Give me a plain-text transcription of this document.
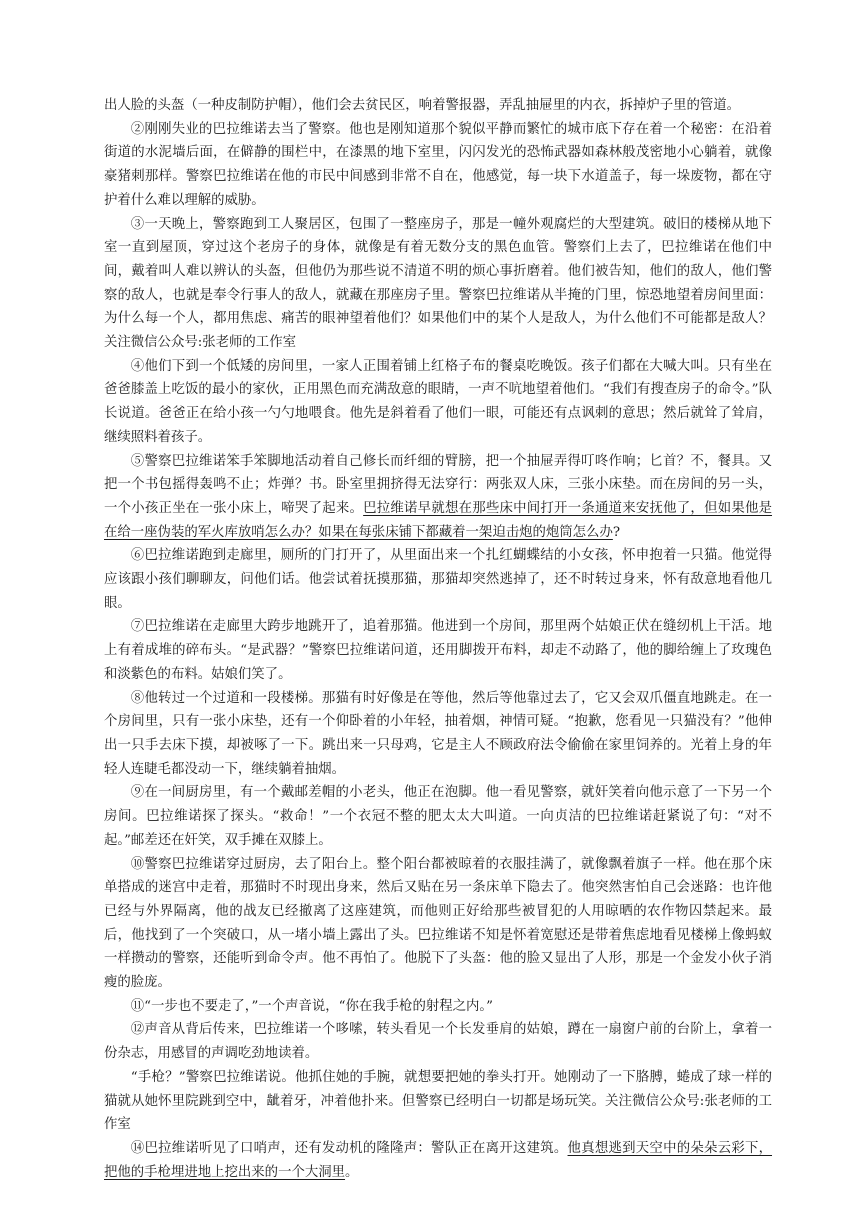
出人脸的头盔（一种皮制防护帽），他们会去贫民区，响着警报器，弄乱抽屉里的内衣，拆掉炉子里的管道。

②刚刚失业的巴拉维诺去当了警察。他也是刚知道那个貌似平静而繁忙的城市底下存在着一个秘密：在沿着街道的水泥墙后面，在僻静的围栏中，在漆黑的地下室里，闪闪发光的恐怖武器如森林般茂密地小心躺着，就像豪猪刺那样。警察巴拉维诺在他的市民中间感到非常不自在，他感觉，每一块下水道盖子，每一垛废物，都在守护着什么难以理解的威胁。

③一天晚上，警察跑到工人聚居区，包围了一整座房子，那是一幢外观腐烂的大型建筑。破旧的楼梯从地下室一直到屋顶，穿过这个老房子的身体，就像是有着无数分支的黑色血管。警察们上去了，巴拉维诺在他们中间，戴着叫人难以辨认的头盔，但他仍为那些说不清道不明的烦心事折磨着。他们被告知，他们的敌人，他们警察的敌人，也就是奉令行事人的敌人，就藏在那座房子里。警察巴拉维诺从半掩的门里，惊恐地望着房间里面：为什么每一个人，都用焦虑、痛苦的眼神望着他们？如果他们中的某个人是敌人，为什么他们不可能都是敌人？关注微信公众号:张老师的工作室

④他们下到一个低矮的房间里，一家人正围着铺上红格子布的餐桌吃晚饭。孩子们都在大喊大叫。只有坐在爸爸膝盖上吃饭的最小的家伙，正用黑色而充满敌意的眼睛，一声不吭地望着他们。“我们有搜查房子的命令。”队长说道。爸爸正在给小孩一勺勺地喂食。他先是斜着看了他们一眼，可能还有点讽刺的意思；然后就耸了耸肩，继续照料着孩子。

⑤警察巴拉维诺笨手笨脚地活动着自己修长而纤细的臂膀，把一个抽屉弄得叮咚作响；匕首？不，餐具。又把一个书包摇得轰鸣不止；炸弹？书。卧室里拥挤得无法穿行：两张双人床，三张小床垫。而在房间的另一头，一个小孩正坐在一张小床上，啼哭了起来。巴拉维诺早就想在那些床中间打开一条通道来安抚他了，但如果他是在给一座伪装的军火库放哨怎么办？如果在每张床铺下都藏着一架迫击炮的炮筒怎么办?

⑥巴拉维诺跑到走廊里，厕所的门打开了，从里面出来一个扎红蝴蝶结的小女孩，怀申抱着一只猫。他觉得应该跟小孩们聊聊友，问他们话。他尝试着抚摸那猫，那猫却突然逃掉了，还不时转过身来，怀有敌意地看他几眼。

⑦巴拉维诺在走廊里大跨步地跳开了，追着那猫。他进到一个房间，那里两个姑娘正伏在缝纫机上干活。地上有着成堆的碎布头。“是武器？”警察巴拉维诺问道，还用脚拨开布料，却走不动路了，他的脚给缠上了玫瑰色和淡紫色的布料。姑娘们笑了。

⑧他转过一个过道和一段楼梯。那猫有时好像是在等他，然后等他靠过去了，它又会双爪僵直地跳走。在一个房间里，只有一张小床垫，还有一个仰卧着的小年轻，抽着烟，神情可疑。“抱歉，您看见一只猫没有？”他伸出一只手去床下摸，却被啄了一下。跳出来一只母鸡，它是主人不顾政府法令偷偷在家里饲养的。光着上身的年轻人连睫毛都没动一下，继续躺着抽烟。

⑨在一间厨房里，有一个戴邮差帽的小老头，他正在泡脚。他一看见警察，就奸笑着向他示意了一下另一个房间。巴拉维诺探了探头。“救命！”一个衣冠不整的肥太太大叫道。一向贞洁的巴拉维诺赶紧说了句：“对不起。”邮差还在奸笑，双手摊在双膝上。

⑩警察巴拉维诺穿过厨房，去了阳台上。整个阳台都被晾着的衣服挂满了，就像飘着旗子一样。他在那个床单搭成的迷宫中走着，那猫时不时现出身来，然后又贴在另一条床单下隐去了。他突然害怕自己会迷路：也许他已经与外界隔离，他的战友已经撤离了这座建筑，而他则正好给那些被冒犯的人用晾晒的农作物囚禁起来。最后，他找到了一个突破口，从一堵小墙上露出了头。巴拉维诺不知是怀着宽慰还是带着焦虑地看见楼梯上像蚂蚁一样攒动的警察，还能听到命令声。他不再怕了。他脱下了头盔：他的脸又显出了人形，那是一个金发小伙子消瘦的脸庞。

⑪“一步也不要走了，”一个声音说，“你在我手枪的射程之内。”

⑫声音从背后传来，巴拉维诺一个哆嗦，转头看见一个长发垂肩的姑娘，蹲在一扇窗户前的台阶上，拿着一份杂志，用感冒的声调吃劲地读着。

“手枪？”警察巴拉维诺说。他抓住她的手腕，就想要把她的拳头打开。她刚动了一下胳膊，蜷成了球一样的猫就从她怀里院跳到空中，龇着牙，冲着他扑来。但警察已经明白一切都是场玩笑。关注微信公众号:张老师的工作室

⑭巴拉维诺听见了口哨声，还有发动机的隆隆声：警队正在离开这建筑。他真想逃到天空中的朵朵云彩下，把他的手枪埋进地上挖出来的一个大洞里。
